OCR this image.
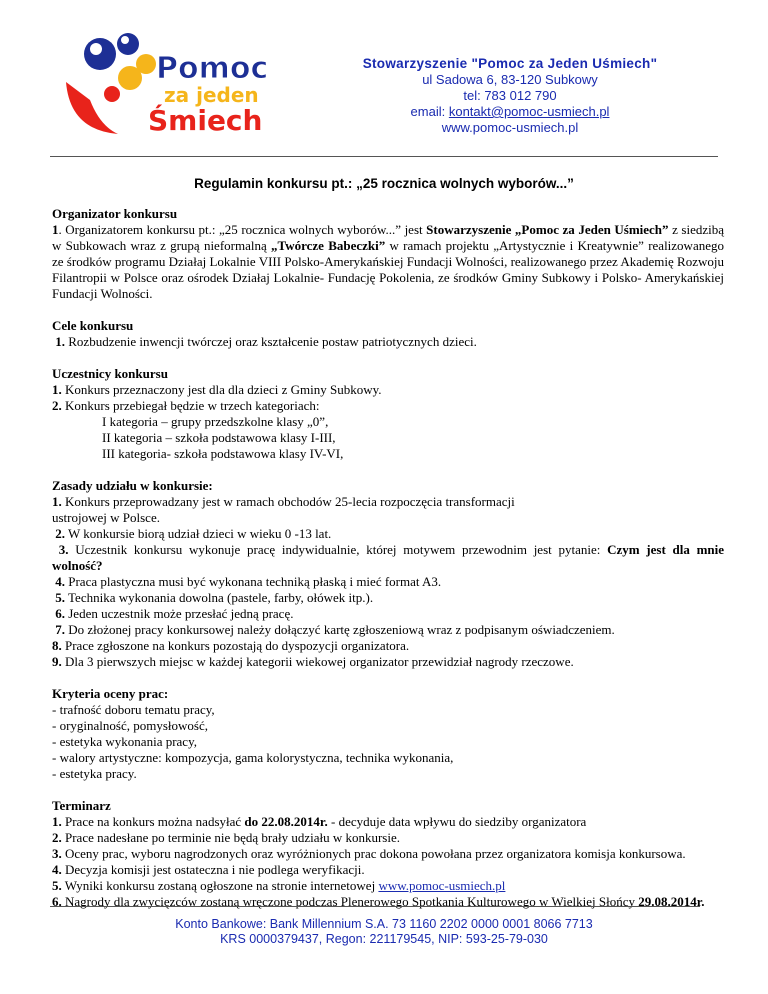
Pomoc
za jeden
Śmiech
Stowarzyszenie "Pomoc za Jeden Uśmiech"
ul Sadowa 6, 83-120 Subkowy
tel: 783 012 790
email: kontakt@pomoc-usmiech.pl
www.pomoc-usmiech.pl
Regulamin konkursu pt.: „25 rocznica wolnych wyborów...”
Organizator konkursu

1. Organizatorem konkursu pt.: „25 rocznica wolnych wyborów...” jest Stowarzyszenie „Pomoc za Jeden Uśmiech” z siedzibą w Subkowach wraz z grupą nieformalną „Twórcze Babeczki” w ramach projektu „Artystycznie i Kreatywnie” realizowanego ze środków programu Działaj Lokalnie VIII Polsko-Amerykańskiej Fundacji Wolności, realizowanego przez Akademię Rozwoju Filantropii w Polsce oraz ośrodek Działaj Lokalnie- Fundację Pokolenia, ze środków Gminy Subkowy i Polsko- Amerykańskiej Fundacji Wolności.

Cele konkursu

1. Rozbudzenie inwencji twórczej oraz kształcenie postaw patriotycznych dzieci.

Uczestnicy konkursu

1. Konkurs przeznaczony jest dla dla dzieci z Gminy Subkowy.

2. Konkurs przebiegał będzie w trzech kategoriach:

I kategoria – grupy przedszkolne klasy „0”,

II kategoria – szkoła podstawowa klasy I-III,

III kategoria- szkoła podstawowa klasy IV-VI,

Zasady udziału w konkursie:

1. Konkurs przeprowadzany jest w ramach obchodów 25-lecia rozpoczęcia transformacji

ustrojowej w Polsce.

2. W konkursie biorą udział dzieci w wieku 0 -13 lat.

3. Uczestnik konkursu wykonuje pracę indywidualnie, której motywem przewodnim jest pytanie: Czym jest dla mnie wolność?

4. Praca plastyczna musi być wykonana techniką płaską i mieć format A3.

5. Technika wykonania dowolna (pastele, farby, ołówek itp.).

6. Jeden uczestnik może przesłać jedną pracę.

7. Do złożonej pracy konkursowej należy dołączyć kartę zgłoszeniową wraz z podpisanym oświadczeniem.

8. Prace zgłoszone na konkurs pozostają do dyspozycji organizatora.

9. Dla 3 pierwszych miejsc w każdej kategorii wiekowej organizator przewidział nagrody rzeczowe.

Kryteria oceny prac:

- trafność doboru tematu pracy,

- oryginalność, pomysłowość,

- estetyka wykonania pracy,

- walory artystyczne: kompozycja, gama kolorystyczna, technika wykonania,

- estetyka pracy.

Terminarz

1. Prace na konkurs można nadsyłać do 22.08.2014r. - decyduje data wpływu do siedziby organizatora

2. Prace nadesłane po terminie nie będą brały udziału w konkursie.

3. Oceny prac, wyboru nagrodzonych oraz wyróżnionych prac dokona powołana przez organizatora komisja konkursowa.

4. Decyzja komisji jest ostateczna i nie podlega weryfikacji.

5. Wyniki konkursu zostaną ogłoszone na stronie internetowej www.pomoc-usmiech.pl

6. Nagrody dla zwycięzców zostaną wręczone podczas Plenerowego Spotkania Kulturowego w Wielkiej Słońcy 29.08.2014r.

Konto Bankowe: Bank Millennium S.A. 73 1160 2202 0000 0001 8066 7713
KRS 0000379437, Regon: 221179545, NIP: 593-25-79-030
